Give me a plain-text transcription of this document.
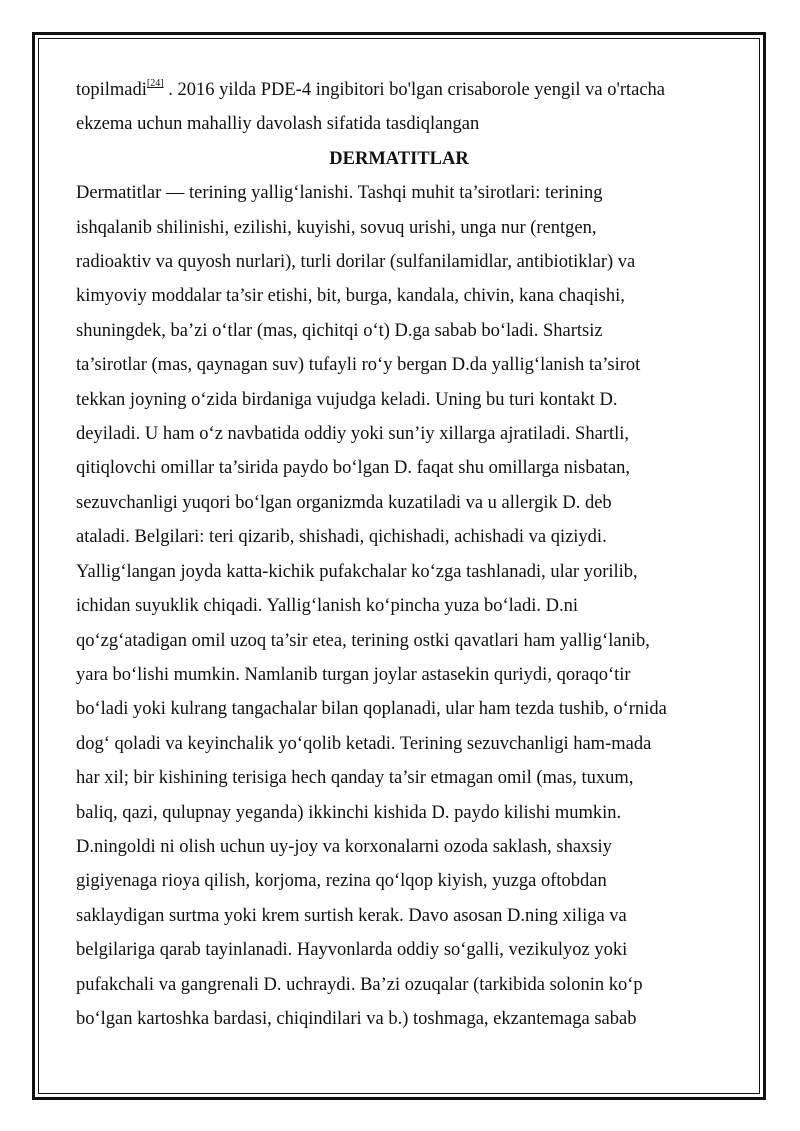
topilmadi[24] . 2016 yilda PDE-4 ingibitori bo'lgan crisaborole yengil va o'rtacha

ekzema uchun mahalliy davolash sifatida tasdiqlangan

DERMATITLAR

Dermatitlar — terining yallig‘lanishi. Tashqi muhit ta’sirotlari: terining

ishqalanib shilinishi, ezilishi, kuyishi, sovuq urishi, unga nur (rentgen,

radioaktiv va quyosh nurlari), turli dorilar (sulfanilamidlar, antibiotiklar) va

kimyoviy moddalar ta’sir etishi, bit, burga, kandala, chivin, kana chaqishi,

shuningdek, ba’zi o‘tlar (mas, qichitqi o‘t) D.ga sabab bo‘ladi. Shartsiz

ta’sirotlar (mas, qaynagan suv) tufayli ro‘y bergan D.da yallig‘lanish ta’sirot

tekkan joyning o‘zida birdaniga vujudga keladi. Uning bu turi kontakt D.

deyiladi. U ham o‘z navbatida oddiy yoki sun’iy xillarga ajratiladi. Shartli,

qitiqlovchi omillar ta’sirida paydo bo‘lgan D. faqat shu omillarga nisbatan,

sezuvchanligi yuqori bo‘lgan organizmda kuzatiladi va u allergik D. deb

ataladi. Belgilari: teri qizarib, shishadi, qichishadi, achishadi va qiziydi.

Yallig‘langan joyda katta-kichik pufakchalar ko‘zga tashlanadi, ular yorilib,

ichidan suyuklik chiqadi. Yallig‘lanish ko‘pincha yuza bo‘ladi. D.ni

qo‘zg‘atadigan omil uzoq ta’sir etea, terining ostki qavatlari ham yallig‘lanib,

yara bo‘lishi mumkin. Namlanib turgan joylar astasekin quriydi, qoraqo‘tir

bo‘ladi yoki kulrang tangachalar bilan qoplanadi, ular ham tezda tushib, o‘rnida

dog‘ qoladi va keyinchalik yo‘qolib ketadi. Terining sezuvchanligi ham-mada

har xil; bir kishining terisiga hech qanday ta’sir etmagan omil (mas, tuxum,

baliq, qazi, qulupnay yeganda) ikkinchi kishida D. paydo kilishi mumkin.

D.ningoldi ni olish uchun uy-joy va korxonalarni ozoda saklash, shaxsiy

gigiyenaga rioya qilish, korjoma, rezina qo‘lqop kiyish, yuzga oftobdan

saklaydigan surtma yoki krem surtish kerak. Davo asosan D.ning xiliga va

belgilariga qarab tayinlanadi. Hayvonlarda oddiy so‘galli, vezikulyoz yoki

pufakchali va gangrenali D. uchraydi. Ba’zi ozuqalar (tarkibida solonin ko‘p

bo‘lgan kartoshka bardasi, chiqindilari va b.) toshmaga, ekzantemaga sabab
